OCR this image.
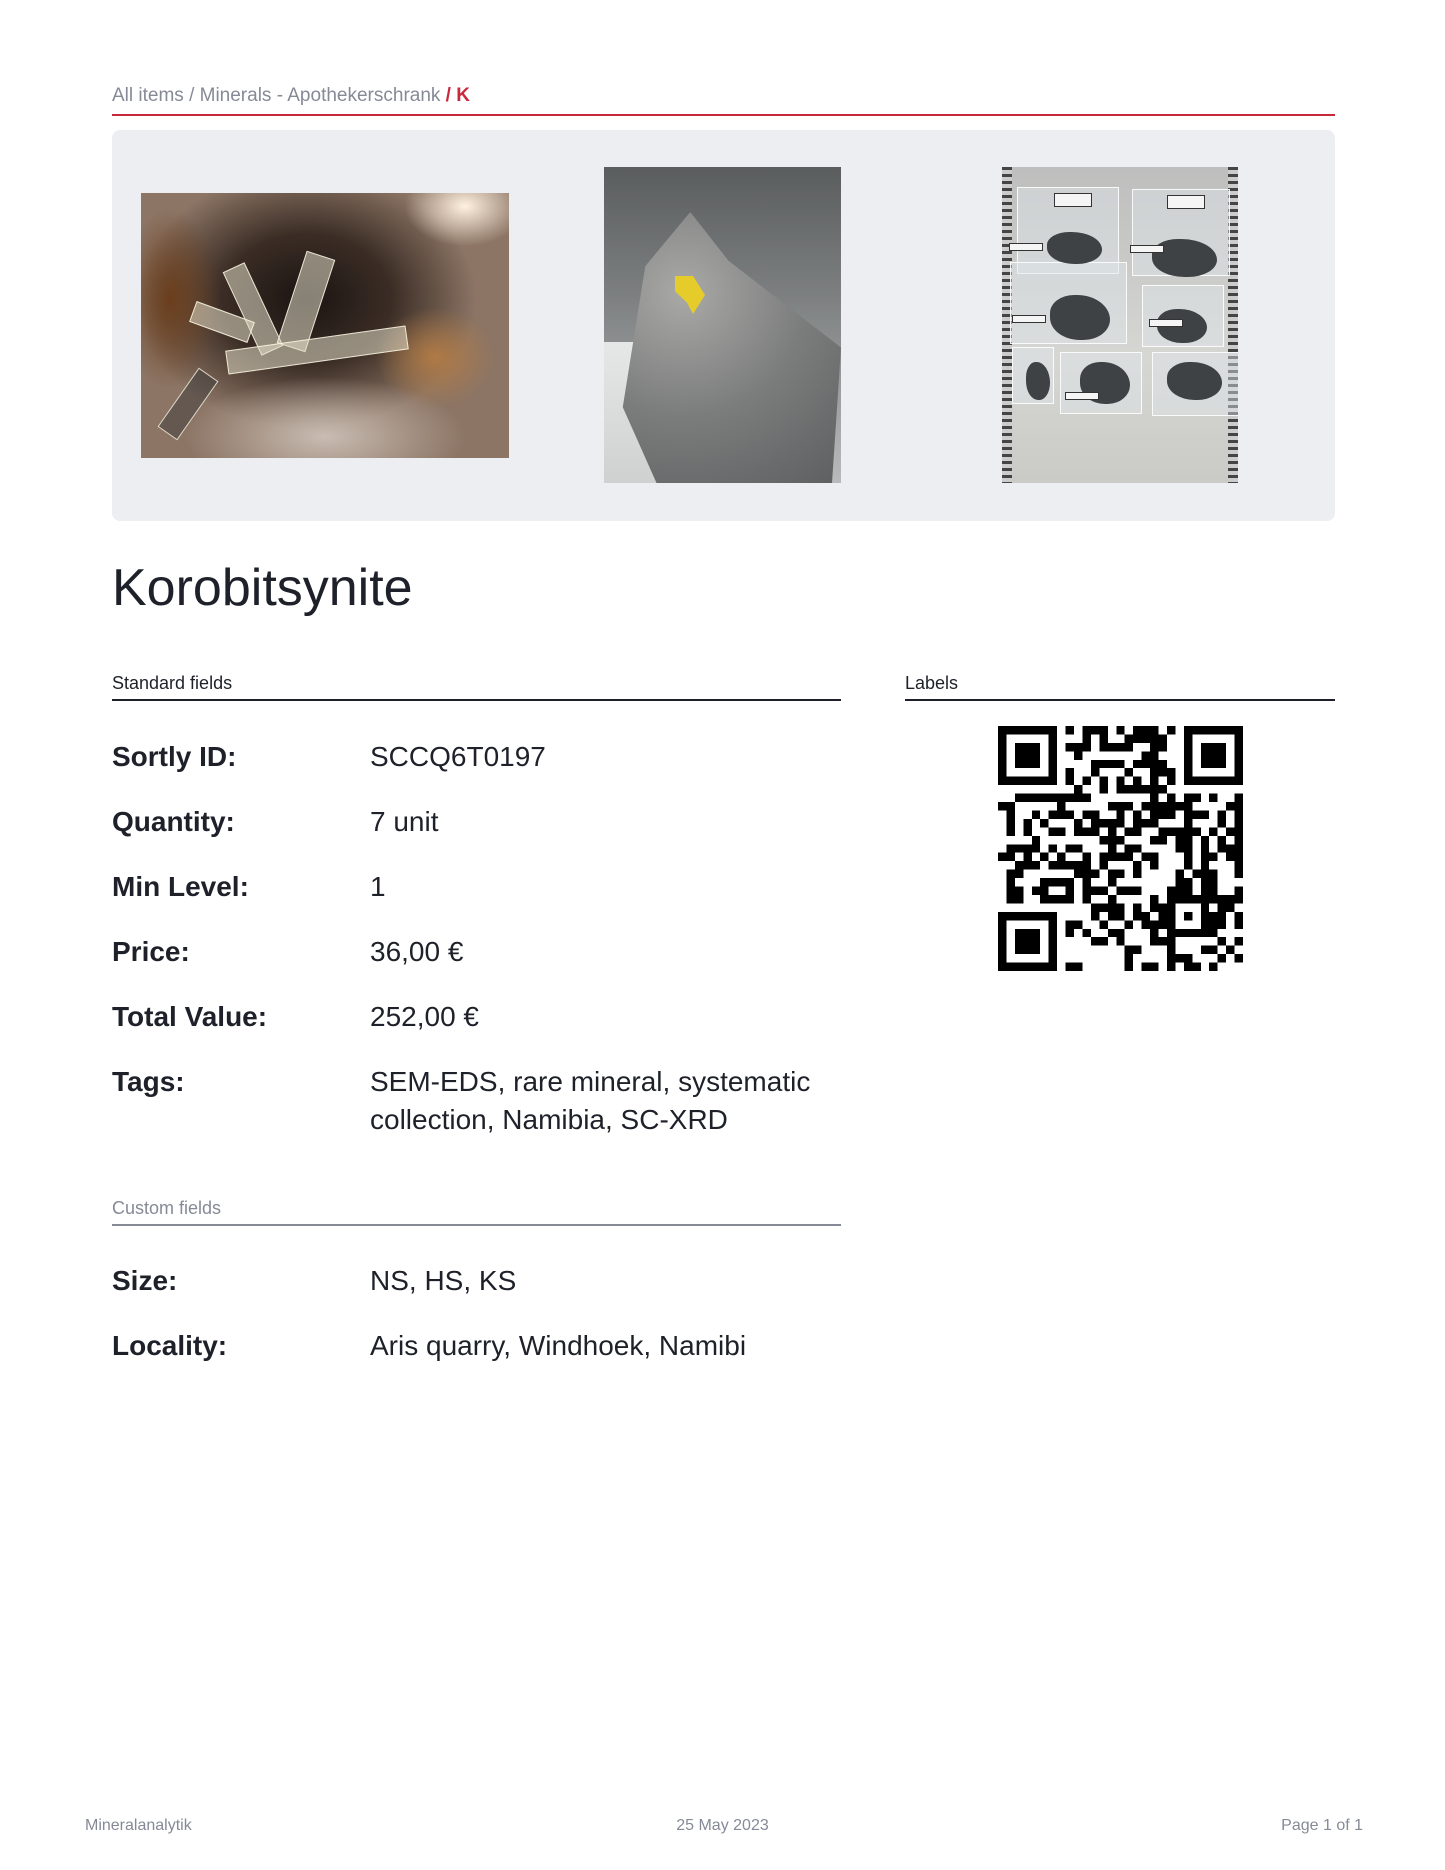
All items / Minerals - Apothekerschrank / K
Korobitsynite
Standard fields	Labels
Sortly ID:	SCCQ6T0197
Quantity:	7 unit
Min Level:	1
Price:	36,00 €
Total Value:	252,00 €
Tags:	SEM-EDS, rare mineral, systematic collection, Namibia, SC-XRD
Custom fields
Size:	NS, HS, KS
Locality:	Aris quarry, Windhoek, Namibi
Mineralanalytik	25 May 2023	Page 1 of 1
